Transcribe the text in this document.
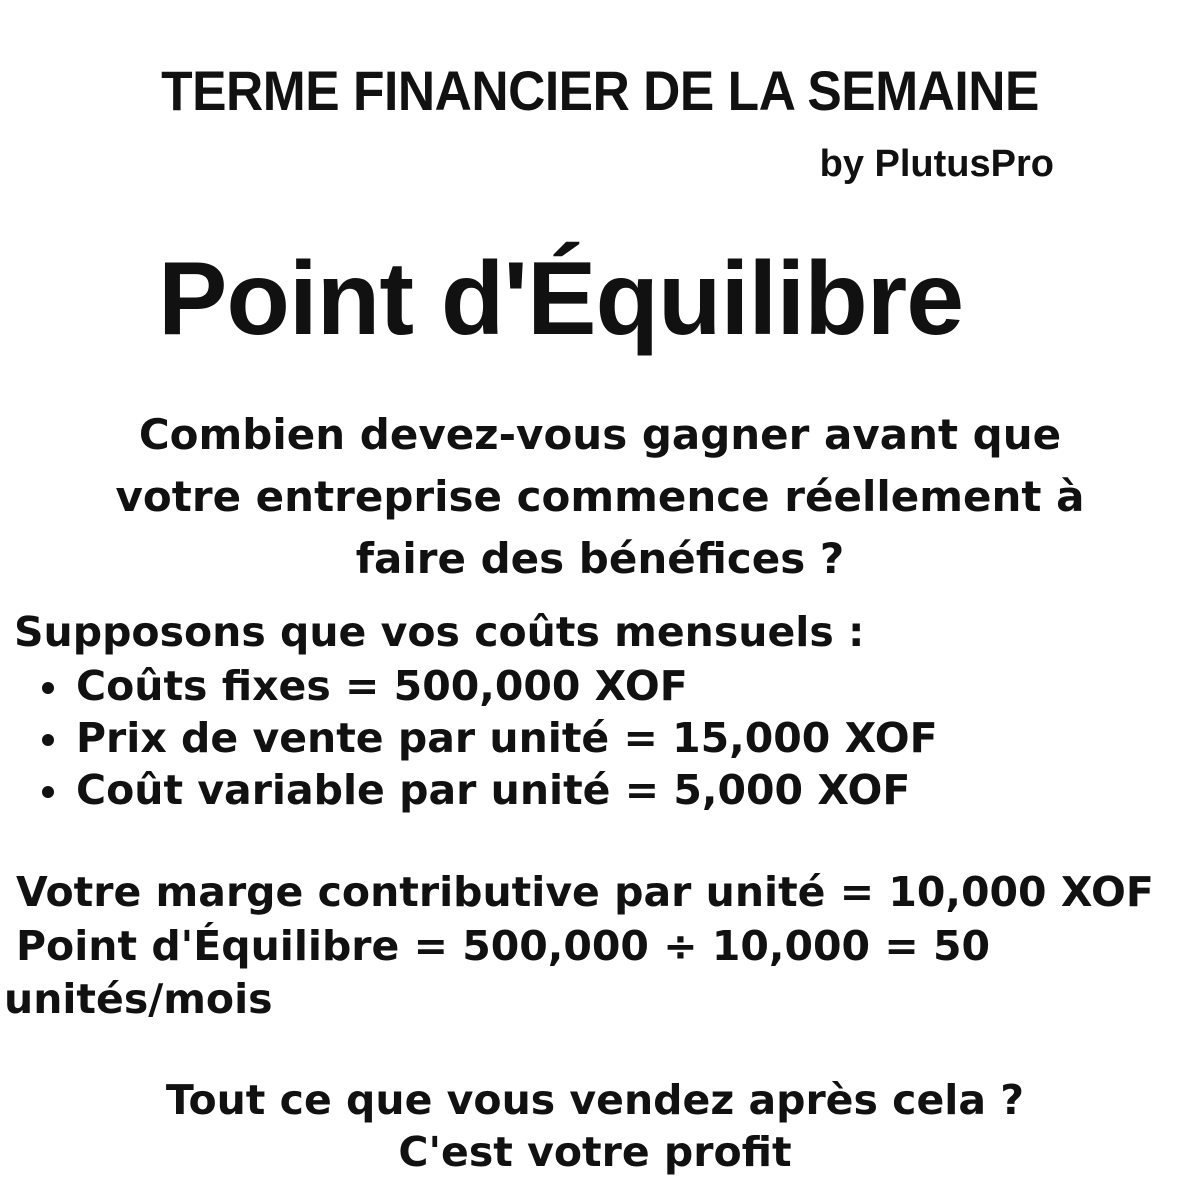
TERME FINANCIER DE LA SEMAINE
by PlutusPro
Point d'Équilibre

Combien devez-vous gagner avant que votre entreprise commence réellement à faire des bénéfices ?

Supposons que vos coûts mensuels :

Coûts fixes = 500,000 XOF
Prix de vente par unité = 15,000 XOF
Coût variable par unité = 5,000 XOF

Votre marge contributive par unité = 10,000 XOF

Point d'Équilibre = 500,000 ÷ 10,000 = 50 unités/mois

Tout ce que vous vendez après cela ?
C'est votre profit
